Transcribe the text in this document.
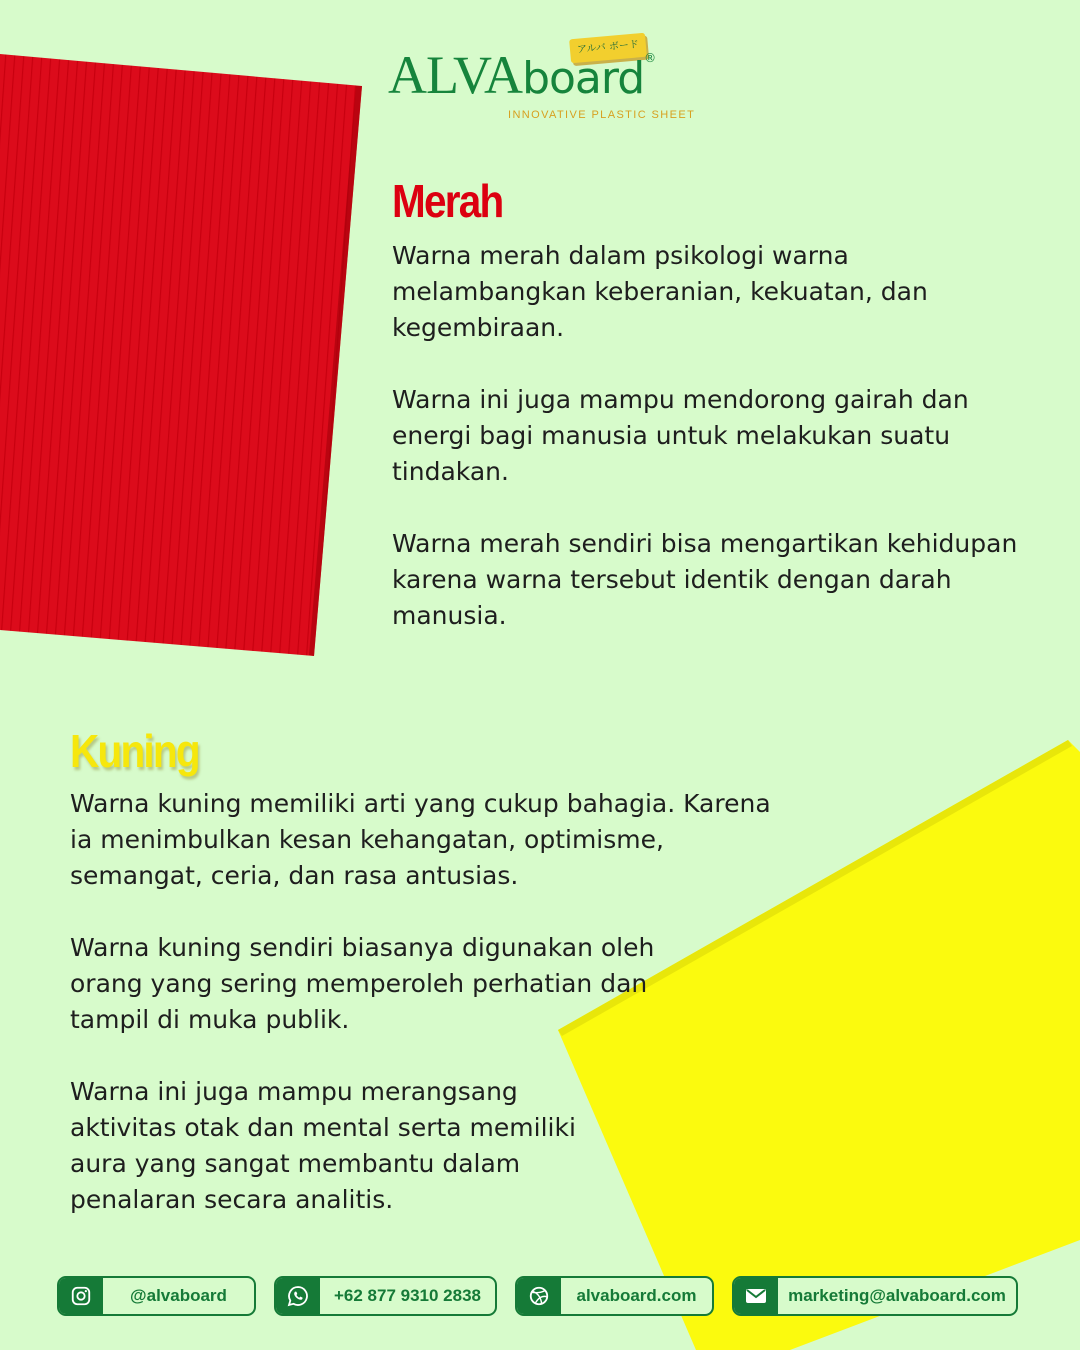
アルバ ボード
ALVAboard®
INNOVATIVE PLASTIC SHEET
Merah

Warna merah dalam psikologi warna melambangkan keberanian, kekuatan, dan kegembiraan.

Warna ini juga mampu mendorong gairah dan energi bagi manusia untuk melakukan suatu tindakan.

Warna merah sendiri bisa mengartikan kehidupan karena warna tersebut identik dengan darah manusia.

Kuning

Warna kuning memiliki arti yang cukup bahagia. Karena ia menimbulkan kesan kehangatan, optimisme, semangat, ceria, dan rasa antusias.

Warna kuning sendiri biasanya digunakan oleh orang yang sering memperoleh perhatian dan tampil di muka publik.

Warna ini juga mampu merangsang aktivitas otak dan mental serta memiliki aura yang sangat membantu dalam penalaran secara analitis.

@alvaboard	+62 877 9310 2838	alvaboard.com	marketing@alvaboard.com
